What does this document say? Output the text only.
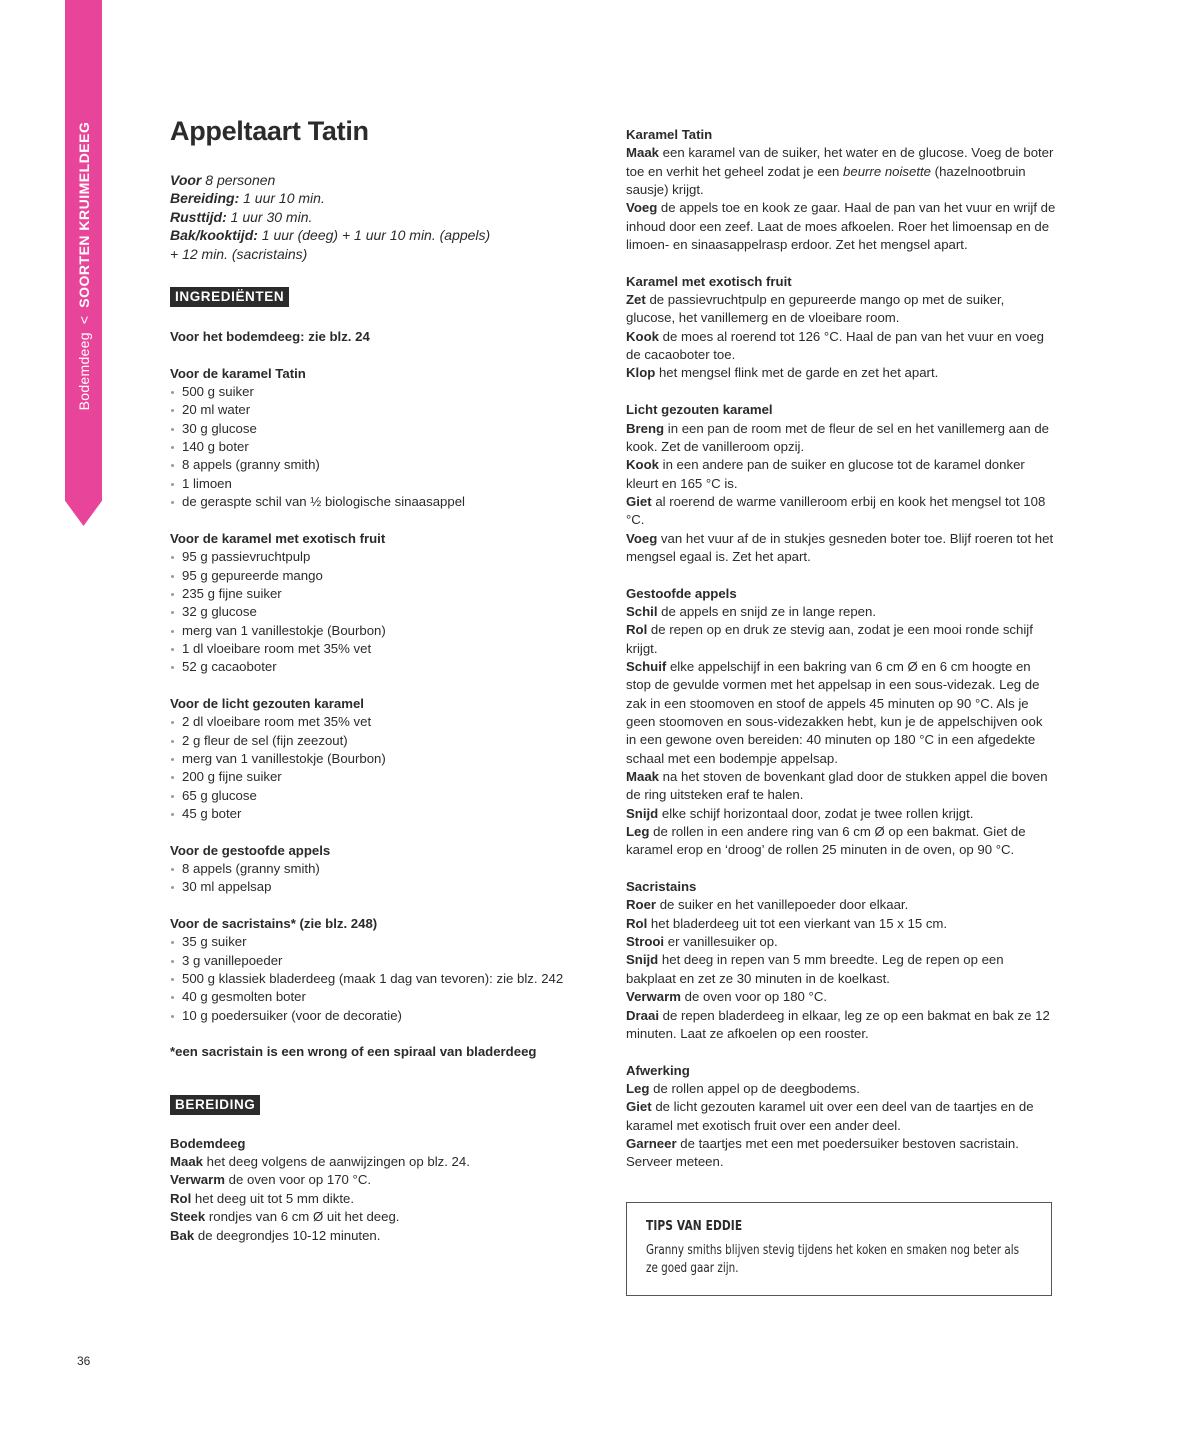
Bodemdeeg<SOORTEN KRUIMELDEEG	Appeltaart Tatin
Voor 8 personen
Bereiding: 1 uur 10 min.
Rusttijd: 1 uur 30 min.
Bak/kooktijd: 1 uur (deeg) + 1 uur 10 min. (appels)
+ 12 min. (sacristains)
INGREDIËNTEN
Voor het bodemdeeg: zie blz. 24
Voor de karamel Tatin
500 g suiker
20 ml water
30 g glucose
140 g boter
8 appels (granny smith)
1 limoen
de geraspte schil van ½ biologische sinaasappel
Voor de karamel met exotisch fruit
95 g passievruchtpulp
95 g gepureerde mango
235 g fijne suiker
32 g glucose
merg van 1 vanillestokje (Bourbon)
1 dl vloeibare room met 35% vet
52 g cacaoboter
Voor de licht gezouten karamel
2 dl vloeibare room met 35% vet
2 g fleur de sel (fijn zeezout)
merg van 1 vanillestokje (Bourbon)
200 g fijne suiker
65 g glucose
45 g boter
Voor de gestoofde appels
8 appels (granny smith)
30 ml appelsap
Voor de sacristains* (zie blz. 248)
35 g suiker
3 g vanillepoeder
500 g klassiek bladerdeeg (maak 1 dag van tevoren): zie blz. 242
40 g gesmolten boter
10 g poedersuiker (voor de decoratie)
*een sacristain is een wrong of een spiraal van bladerdeeg
BEREIDING
Bodemdeeg
Maak het deeg volgens de aanwijzingen op blz. 24.
Verwarm de oven voor op 170 °C.
Rol het deeg uit tot 5 mm dikte.
Steek rondjes van 6 cm Ø uit het deeg.
Bak de deegrondjes 10-12 minuten.
Karamel Tatin
Maak een karamel van de suiker, het water en de glucose. Voeg de boter toe en verhit het geheel zodat je een beurre noisette (hazelnootbruin sausje) krijgt.
Voeg de appels toe en kook ze gaar. Haal de pan van het vuur en wrijf de inhoud door een zeef. Laat de moes afkoelen. Roer het limoensap en de limoen- en sinaasappelrasp erdoor. Zet het mengsel apart.
Karamel met exotisch fruit
Zet de passievruchtpulp en gepureerde mango op met de suiker, glucose, het vanillemerg en de vloeibare room.
Kook de moes al roerend tot 126 °C. Haal de pan van het vuur en voeg de cacaoboter toe.
Klop het mengsel flink met de garde en zet het apart.
Licht gezouten karamel
Breng in een pan de room met de fleur de sel en het vanillemerg aan de kook. Zet de vanilleroom opzij.
Kook in een andere pan de suiker en glucose tot de karamel donker kleurt en 165 °C is.
Giet al roerend de warme vanilleroom erbij en kook het mengsel tot 108 °C.
Voeg van het vuur af de in stukjes gesneden boter toe. Blijf roeren tot het mengsel egaal is. Zet het apart.
Gestoofde appels
Schil de appels en snijd ze in lange repen.
Rol de repen op en druk ze stevig aan, zodat je een mooi ronde schijf krijgt.
Schuif elke appelschijf in een bakring van 6 cm Ø en 6 cm hoogte en stop de gevulde vormen met het appelsap in een sous-videzak. Leg de zak in een stoomoven en stoof de appels 45 minuten op 90 °C. Als je geen stoomoven en sous-videzakken hebt, kun je de appelschijven ook in een gewone oven bereiden: 40 minuten op 180 °C in een afgedekte schaal met een bodempje appelsap.
Maak na het stoven de bovenkant glad door de stukken appel die boven de ring uitsteken eraf te halen.
Snijd elke schijf horizontaal door, zodat je twee rollen krijgt.
Leg de rollen in een andere ring van 6 cm Ø op een bakmat. Giet de karamel erop en ‘droog’ de rollen 25 minuten in de oven, op 90 °C.
Sacristains
Roer de suiker en het vanillepoeder door elkaar.
Rol het bladerdeeg uit tot een vierkant van 15 x 15 cm.
Strooi er vanillesuiker op.
Snijd het deeg in repen van 5 mm breedte. Leg de repen op een bakplaat en zet ze 30 minuten in de koelkast.
Verwarm de oven voor op 180 °C.
Draai de repen bladerdeeg in elkaar, leg ze op een bakmat en bak ze 12 minuten. Laat ze afkoelen op een rooster.
Afwerking
Leg de rollen appel op de deegbodems.
Giet de licht gezouten karamel uit over een deel van de taartjes en de karamel met exotisch fruit over een ander deel.
Garneer de taartjes met een met poedersuiker bestoven sacristain.
Serveer meteen.
TIPS VAN EDDIE
Granny smiths blijven stevig tijdens het koken en smaken nog beter als ze goed gaar zijn.
36
